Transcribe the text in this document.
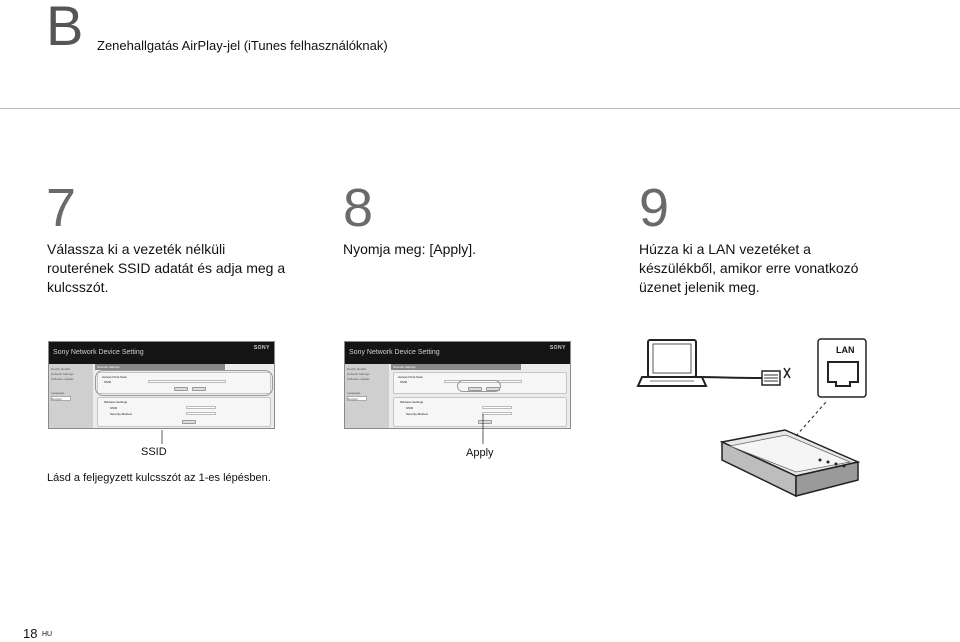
B Zenehallgatás AirPlay-jel (iTunes felhasználóknak)
7
Válassza ki a vezeték nélküli
routerének SSID adatát és adja meg a
kulcsszót.
8
Nyomja meg: [Apply].
9
Húzza ki a LAN vezetéket a
készülékből, amikor erre vonatkozó
üzenet jelenik meg.
Sony Network Device Setting
SONY
Device Details
Network Settings
Software Update
Language
English
Network Settings
Access Point Scan
SSID
Wireless Settings
SSID
Security Method
Sony Network Device Setting
SONY
Device Details
Network Settings
Software Update
Language
English
Network Settings
Access Point Scan
SSID
Wireless Settings
SSID
Security Method
SSID	Apply
Lásd a feljegyzett kulcsszót az 1-es lépésben.
LAN
18 HU
